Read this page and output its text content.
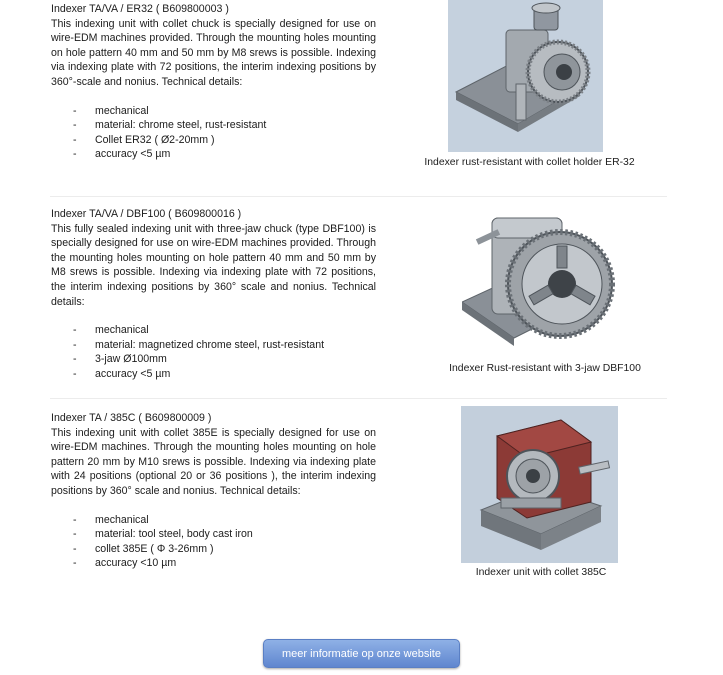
Indexer TA/VA / ER32 ( B609800003 )

This indexing unit with collet chuck is specially designed for use on wire-EDM machines provided. Through the mounting holes mounting on hole pattern 40 mm and 50 mm by M8 srews is possible. Indexing via indexing plate with 72 positions, the interim indexing positions by 360°-scale and nonius. Technical details:

- mechanical
- material: chrome steel, rust-resistant
- Collet ER32 ( Ø2-20mm )
- accuracy <5 µm
Indexer rust-resistant with collet holder ER-32

Indexer TA/VA / DBF100 ( B609800016 )

This fully sealed indexing unit with three-jaw chuck (type DBF100) is specially designed for use on wire-EDM machines provided. Through the mounting holes mounting on hole pattern 40 mm and 50 mm by M8 srews is possible. Indexing via indexing plate with 72 positions, the interim indexing positions by 360° scale and nonius. Technical details:

- mechanical
- material: magnetized chrome steel, rust-resistant
- 3-jaw Ø100mm
- accuracy <5 µm	Indexer Rust-resistant with 3-jaw DBF100

Indexer TA / 385C ( B609800009 )

This indexing unit with collet 385E is specially designed for use on wire-EDM machines. Through the mounting holes mounting on hole pattern 20 mm by M10 srews is possible. Indexing via indexing plate with 24 positions (optional 20 or 36 positions ), the interim indexing positions by 360° scale and nonius. Technical details:

- mechanical
- material: tool steel, body cast iron
- collet 385E ( Φ 3-26mm )
- accuracy <10 µm
Indexer unit with collet 385C
meer informatie op onze website
